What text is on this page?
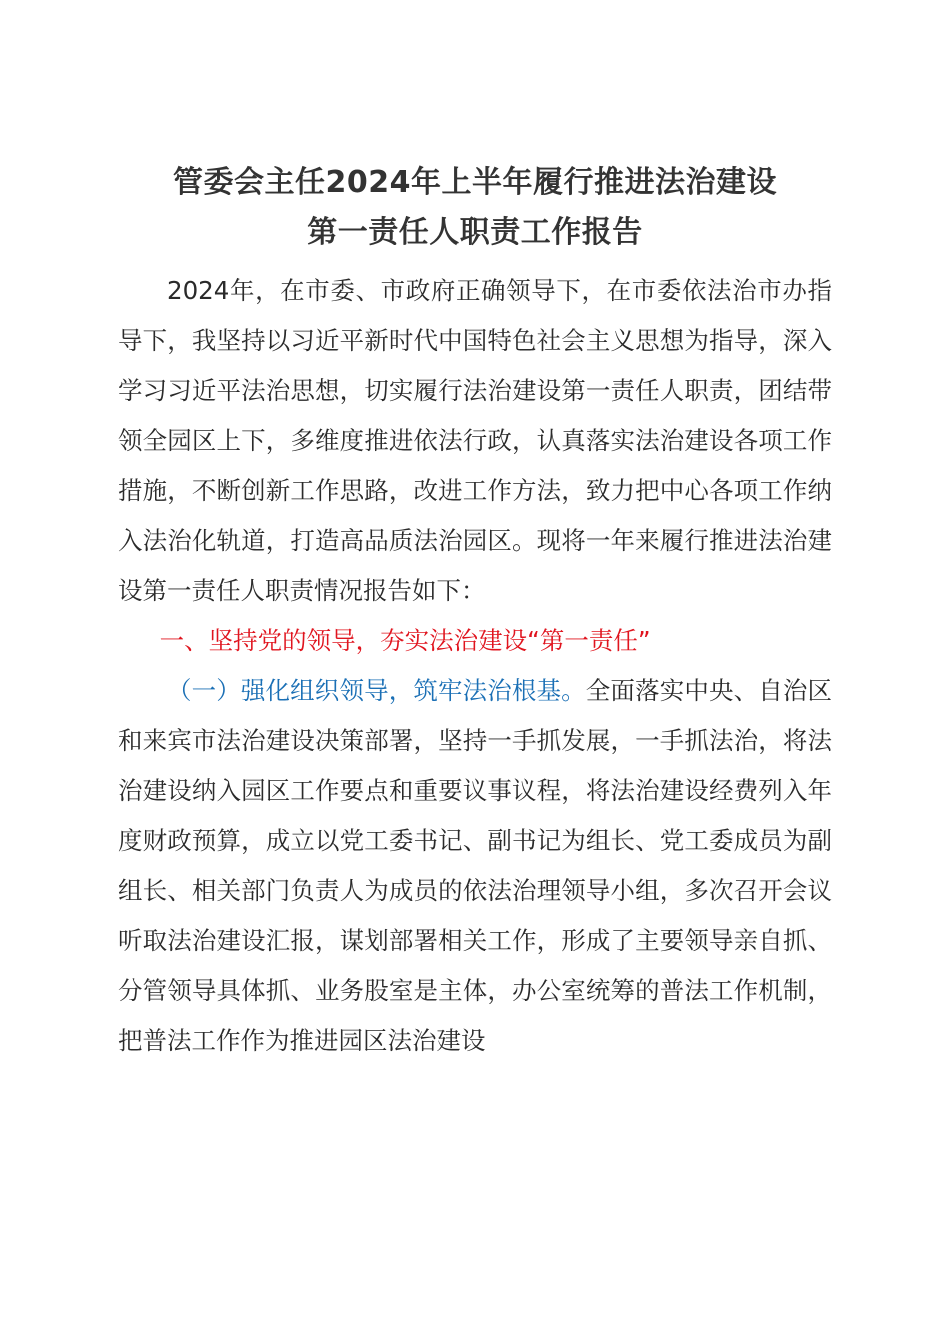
管委会主任2024年上半年履行推进法治建设
第一责任人职责工作报告

2024年，在市委、市政府正确领导下，在市委依法治市办指导下，我坚持以习近平新时代中国特色社会主义思想为指导，深入学习习近平法治思想，切实履行法治建设第一责任人职责，团结带领全园区上下，多维度推进依法行政，认真落实法治建设各项工作措施，不断创新工作思路，改进工作方法，致力把中心各项工作纳入法治化轨道，打造高品质法治园区。现将一年来履行推进法治建设第一责任人职责情况报告如下：

一、坚持党的领导，夯实法治建设“第一责任”

（一）强化组织领导，筑牢法治根基。全面落实中央、自治区和来宾市法治建设决策部署，坚持一手抓发展，一手抓法治，将法治建设纳入园区工作要点和重要议事议程，将法治建设经费列入年度财政预算，成立以党工委书记、副书记为组长、党工委成员为副组长、相关部门负责人为成员的依法治理领导小组，多次召开会议听取法治建设汇报，谋划部署相关工作，形成了主要领导亲自抓、分管领导具体抓、业务股室是主体，办公室统筹的普法工作机制，把普法工作作为推进园区法治建设
